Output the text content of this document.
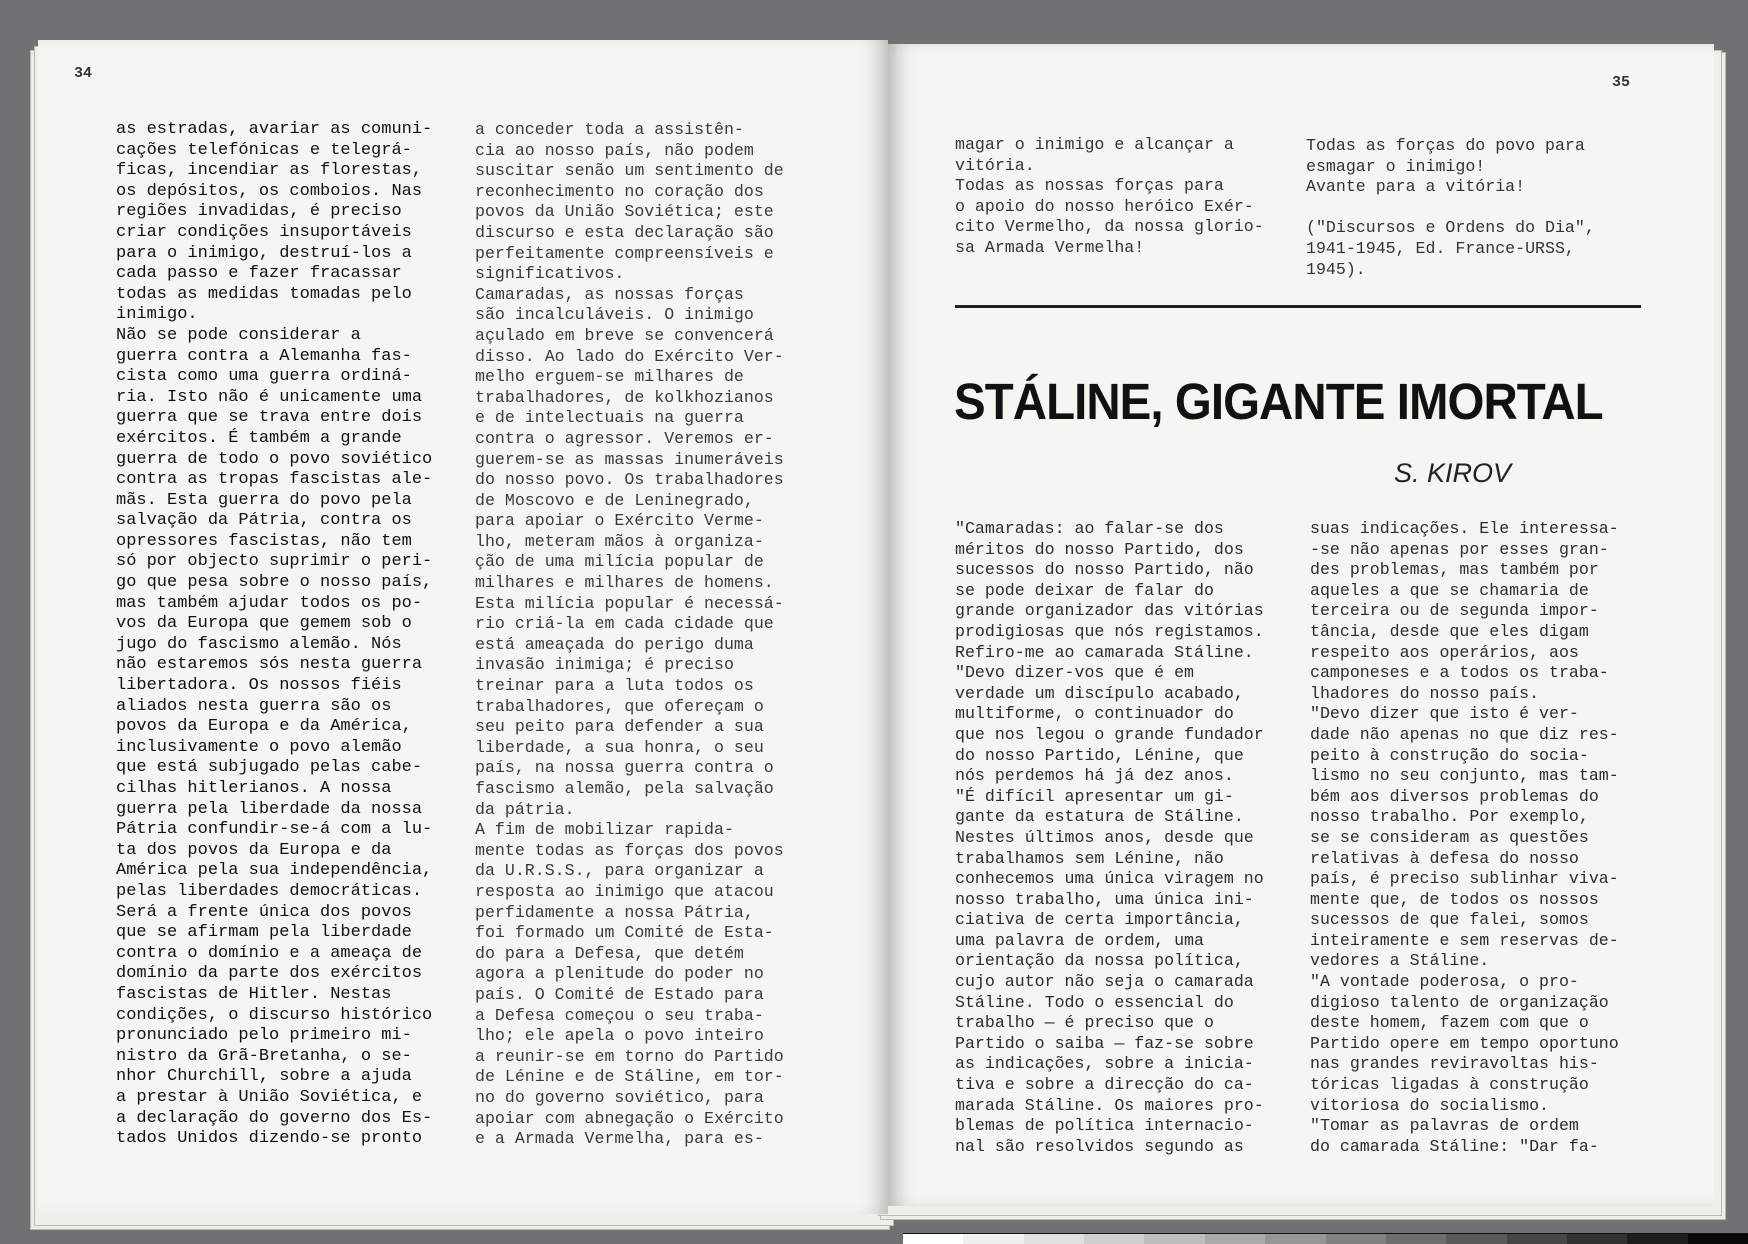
34
35
as estradas, avariar as comuni-
cações telefónicas e telegrá-
ficas, incendiar as florestas,
os depósitos, os comboios. Nas
regiões invadidas, é preciso
criar condições insuportáveis
para o inimigo, destruí-los a
cada passo e fazer fracassar
todas as medidas tomadas pelo
inimigo.
Não se pode considerar a
guerra contra a Alemanha fas-
cista como uma guerra ordiná-
ria. Isto não é unicamente uma
guerra que se trava entre dois
exércitos. É também a grande
guerra de todo o povo soviético
contra as tropas fascistas ale-
mãs. Esta guerra do povo pela
salvação da Pátria, contra os
opressores fascistas, não tem
só por objecto suprimir o peri-
go que pesa sobre o nosso país,
mas também ajudar todos os po-
vos da Europa que gemem sob o
jugo do fascismo alemão. Nós
não estaremos sós nesta guerra
libertadora. Os nossos fiéis
aliados nesta guerra são os
povos da Europa e da América,
inclusivamente o povo alemão
que está subjugado pelas cabe-
cilhas hitlerianos. A nossa
guerra pela liberdade da nossa
Pátria confundir-se-á com a lu-
ta dos povos da Europa e da
América pela sua independência,
pelas liberdades democráticas.
Será a frente única dos povos
que se afirmam pela liberdade
contra o domínio e a ameaça de
domínio da parte dos exércitos
fascistas de Hitler. Nestas
condições, o discurso histórico
pronunciado pelo primeiro mi-
nistro da Grã-Bretanha, o se-
nhor Churchill, sobre a ajuda
a prestar à União Soviética, e
a declaração do governo dos Es-
tados Unidos dizendo-se pronto
a conceder toda a assistên-
cia ao nosso país, não podem
suscitar senão um sentimento de
reconhecimento no coração dos
povos da União Soviética; este
discurso e esta declaração são
perfeitamente compreensíveis e
significativos.
Camaradas, as nossas forças
são incalculáveis. O inimigo
açulado em breve se convencerá
disso. Ao lado do Exército Ver-
melho erguem-se milhares de
trabalhadores, de kolkhozianos
e de intelectuais na guerra
contra o agressor. Veremos er-
guerem-se as massas inumeráveis
do nosso povo. Os trabalhadores
de Moscovo e de Leninegrado,
para apoiar o Exército Verme-
lho, meteram mãos à organiza-
ção de uma milícia popular de
milhares e milhares de homens.
Esta milícia popular é necessá-
rio criá-la em cada cidade que
está ameaçada do perigo duma
invasão inimiga; é preciso
treinar para a luta todos os
trabalhadores, que ofereçam o
seu peito para defender a sua
liberdade, a sua honra, o seu
país, na nossa guerra contra o
fascismo alemão, pela salvação
da pátria.
A fim de mobilizar rapida-
mente todas as forças dos povos
da U.R.S.S., para organizar a
resposta ao inimigo que atacou
perfidamente a nossa Pátria,
foi formado um Comité de Esta-
do para a Defesa, que detém
agora a plenitude do poder no
país. O Comité de Estado para
a Defesa começou o seu traba-
lho; ele apela o povo inteiro
a reunir-se em torno do Partido
de Lénine e de Stáline, em tor-
no do governo soviético, para
apoiar com abnegação o Exército
e a Armada Vermelha, para es-
magar o inimigo e alcançar a
vitória.
Todas as nossas forças para
o apoio do nosso heróico Exér-
cito Vermelho, da nossa glorio-
sa Armada Vermelha!
Todas as forças do povo para
esmagar o inimigo!
Avante para a vitória!
("Discursos e Ordens do Dia",
1941-1945, Ed. France-URSS,
1945).
STÁLINE, GIGANTE IMORTAL
S. KIROV
"Camaradas: ao falar-se dos
méritos do nosso Partido, dos
sucessos do nosso Partido, não
se pode deixar de falar do
grande organizador das vitórias
prodigiosas que nós registamos.
Refiro-me ao camarada Stáline.
"Devo dizer-vos que é em
verdade um discípulo acabado,
multiforme, o continuador do
que nos legou o grande fundador
do nosso Partido, Lénine, que
nós perdemos há já dez anos.
"É difícil apresentar um gi-
gante da estatura de Stáline.
Nestes últimos anos, desde que
trabalhamos sem Lénine, não
conhecemos uma única viragem no
nosso trabalho, uma única ini-
ciativa de certa importância,
uma palavra de ordem, uma
orientação da nossa política,
cujo autor não seja o camarada
Stáline. Todo o essencial do
trabalho — é preciso que o
Partido o saiba — faz-se sobre
as indicações, sobre a inicia-
tiva e sobre a direcção do ca-
marada Stáline. Os maiores pro-
blemas de política internacio-
nal são resolvidos segundo as
suas indicações. Ele interessa-
-se não apenas por esses gran-
des problemas, mas também por
aqueles a que se chamaria de
terceira ou de segunda impor-
tância, desde que eles digam
respeito aos operários, aos
camponeses e a todos os traba-
lhadores do nosso país.
"Devo dizer que isto é ver-
dade não apenas no que diz res-
peito à construção do socia-
lismo no seu conjunto, mas tam-
bém aos diversos problemas do
nosso trabalho. Por exemplo,
se se consideram as questões
relativas à defesa do nosso
país, é preciso sublinhar viva-
mente que, de todos os nossos
sucessos de que falei, somos
inteiramente e sem reservas de-
vedores a Stáline.
"A vontade poderosa, o pro-
digioso talento de organização
deste homem, fazem com que o
Partido opere em tempo oportuno
nas grandes reviravoltas his-
tóricas ligadas à construção
vitoriosa do socialismo.
"Tomar as palavras de ordem
do camarada Stáline: "Dar fa-
